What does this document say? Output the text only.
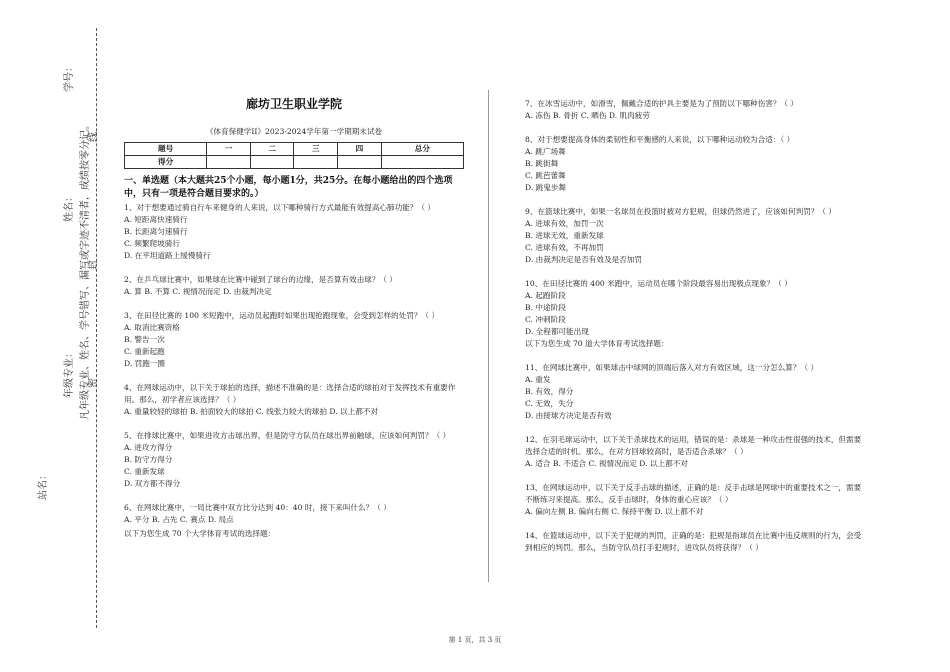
学号：
姓名：
年级专业：
站名：
凡年级专业、姓名、学号错写、漏写或字迹不清者，成绩按零分记。
密
封
线
廊坊卫生职业学院
《体育保健学II》2023-2024学年第一学期期末试卷
题号	一	二	三	四	总分
得分					
一、单选题（本大题共25个小题，每小题1分，共25分。在每小题给出的四个选项中，只有一项是符合题目要求的。）

1、对于想要通过骑自行车来健身的人来说，以下哪种骑行方式最能有效提高心肺功能？（ ）

A. 短距离快速骑行

B. 长距离匀速骑行

C. 频繁爬坡骑行

D. 在平坦道路上缓慢骑行

2、在乒乓球比赛中，如果球在比赛中碰到了球台的边缘，是否算有效击球？（ ）

A. 算 B. 不算 C. 视情况而定 D. 由裁判决定

3、在田径比赛的 100 米短跑中，运动员起跑时如果出现抢跑现象，会受到怎样的处罚？（ ）

A. 取消比赛资格

B. 警告一次

C. 重新起跑

D. 罚跑一圈

4、在网球运动中，以下关于球拍的选择，描述不准确的是：选择合适的球拍对于发挥技术有重要作用。那么，初学者应该选择？（ ）

A. 重量较轻的球拍 B. 拍面较大的球拍 C. 线张力较大的球拍 D. 以上都不对

5、在排球比赛中，如果进攻方击球出界，但是防守方队员在球出界前触球，应该如何判罚？（ ）

A. 进攻方得分

B. 防守方得分

C. 重新发球

D. 双方都不得分

6、在网球比赛中，一局比赛中双方比分达到 40：40 时，接下来叫什么？（ ）

A. 平分 B. 占先 C. 赛点 D. 局点

以下为您生成 70 个大学体育考试的选择题：

7、在冰雪运动中，如滑雪，佩戴合适的护具主要是为了预防以下哪种伤害？（ ）

A. 冻伤 B. 骨折 C. 晒伤 D. 肌肉疲劳

8、对于想要提高身体的柔韧性和平衡感的人来说，以下哪种运动较为合适：（ ）

A. 跳广场舞

B. 跳街舞

C. 跳芭蕾舞

D. 跳鬼步舞

9、在篮球比赛中，如果一名球员在投篮时被对方犯规，但球仍然进了，应该如何判罚？（ ）

A. 进球有效，加罚一次

B. 进球无效，重新发球

C. 进球有效，不再加罚

D. 由裁判决定是否有效及是否加罚

10、在田径比赛的 400 米跑中，运动员在哪个阶段最容易出现极点现象？（ ）

A. 起跑阶段

B. 中途阶段

C. 冲刺阶段

D. 全程都可能出现

以下为您生成 70 道大学体育考试选择题：

11、在网球比赛中，如果球击中球网的顶端后落入对方有效区域，这一分怎么算？（ ）

A. 重发

B. 有效，得分

C. 无效，失分

D. 由接球方决定是否有效

12、在羽毛球运动中，以下关于杀球技术的运用，错误的是：杀球是一种攻击性很强的技术，但需要选择合适的时机。那么，在对方回球较高时，是否适合杀球？（ ）

A. 适合 B. 不适合 C. 视情况而定 D. 以上都不对

13、在网球运动中，以下关于反手击球的描述，正确的是：反手击球是网球中的重要技术之一，需要不断练习来提高。那么，反手击球时，身体的重心应该？（ ）

A. 偏向左侧 B. 偏向右侧 C. 保持平衡 D. 以上都不对

14、在篮球运动中，以下关于犯规的判罚，正确的是：犯规是指球员在比赛中违反规则的行为，会受到相应的判罚。那么，当防守队员打手犯规时，进攻队员将获得？（ ）

第 1 页，共 3 页
